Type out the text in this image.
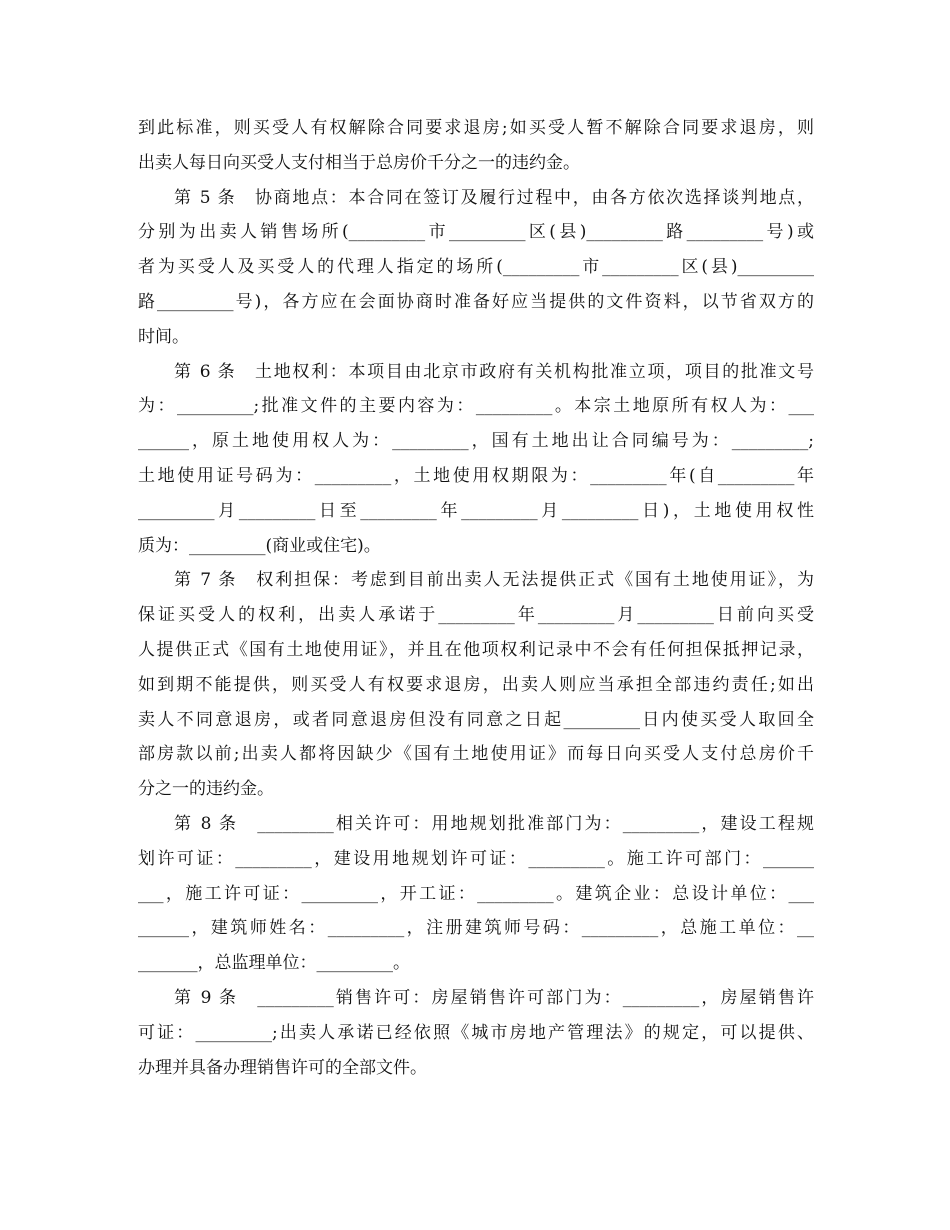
到此标准，则买受人有权解除合同要求退房;如买受人暂不解除合同要求退房，则
出卖人每日向买受人支付相当于总房价千分之一的违约金。
第 5 条　协商地点：本合同在签订及履行过程中，由各方依次选择谈判地点，
分别为出卖人销售场所(_________市_________区(县)_________路_________号)或
者为买受人及买受人的代理人指定的场所(_________市_________区(县)_________
路_________号)，各方应在会面协商时准备好应当提供的文件资料，以节省双方的
时间。
第 6 条　土地权利：本项目由北京市政府有关机构批准立项，项目的批准文号
为：_________;批准文件的主要内容为：_________。本宗土地原所有权人为：___
______，原土地使用权人为：_________，国有土地出让合同编号为：_________;
土地使用证号码为：_________，土地使用权期限为：_________年(自_________年
_________月_________日至_________年_________月_________日)，土地使用权性
质为：_________(商业或住宅)。
第 7 条　权利担保：考虑到目前出卖人无法提供正式《国有土地使用证》，为
保证买受人的权利，出卖人承诺于_________年_________月_________日前向买受
人提供正式《国有土地使用证》，并且在他项权利记录中不会有任何担保抵押记录，
如到期不能提供，则买受人有权要求退房，出卖人则应当承担全部违约责任;如出
卖人不同意退房，或者同意退房但没有同意之日起_________日内使买受人取回全
部房款以前;出卖人都将因缺少《国有土地使用证》而每日向买受人支付总房价千
分之一的违约金。
第 8 条　_________相关许可：用地规划批准部门为：_________，建设工程规
划许可证：_________，建设用地规划许可证：_________。施工许可部门：______
___，施工许可证：_________，开工证：_________。建筑企业：总设计单位：___
______，建筑师姓名：_________，注册建筑师号码：_________，总施工单位：__
_______，总监理单位：_________。
第 9 条　_________销售许可：房屋销售许可部门为：_________，房屋销售许
可证：_________;出卖人承诺已经依照《城市房地产管理法》的规定，可以提供、
办理并具备办理销售许可的全部文件。
